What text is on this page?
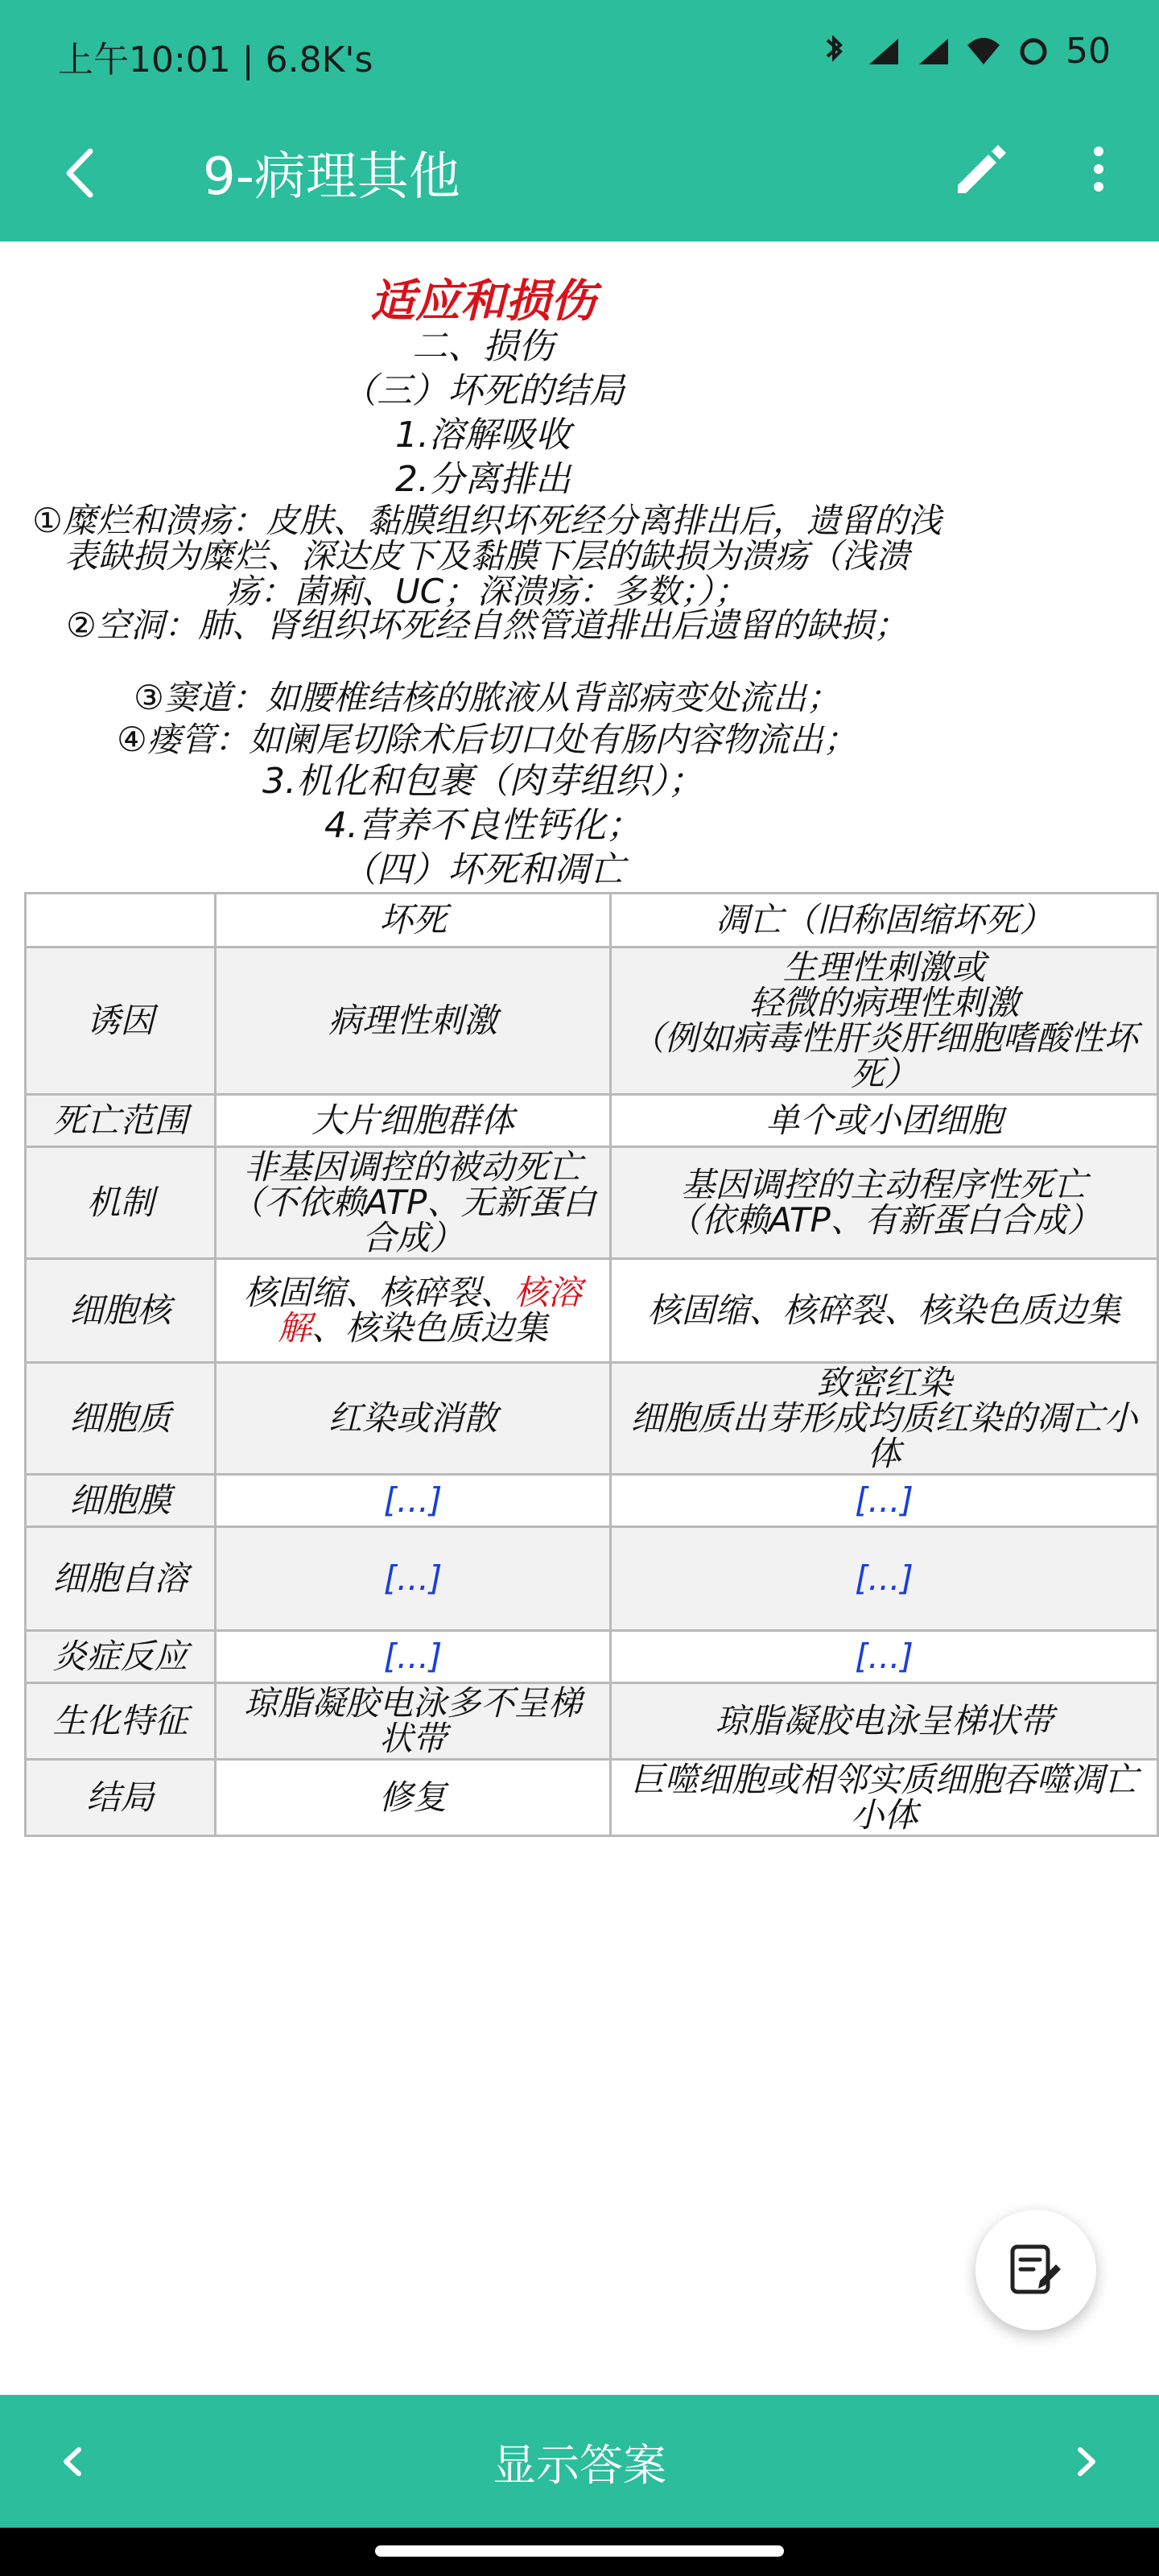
上午10:01 | 6.8K's	50
9-病理其他
适应和损伤
二、损伤
（三）坏死的结局
1.溶解吸收
2.分离排出
①糜烂和溃疡：皮肤、黏膜组织坏死经分离排出后，遗留的浅表缺损为糜烂、深达皮下及黏膜下层的缺损为溃疡（浅溃疡：菌痢、UC；深溃疡：多数；）；
②空洞：肺、肾组织坏死经自然管道排出后遗留的缺损；
③窦道：如腰椎结核的脓液从背部病变处流出；
④瘘管：如阑尾切除术后切口处有肠内容物流出；
3.机化和包裹（肉芽组织）；
4.营养不良性钙化；
（四）坏死和凋亡
	坏死	凋亡（旧称固缩坏死）
诱因	病理性刺激	生理性刺激或
轻微的病理性刺激
（例如病毒性肝炎肝细胞嗜酸性坏死）
死亡范围	大片细胞群体	单个或小团细胞
机制	非基因调控的被动死亡（不依赖ATP、无新蛋白合成）	基因调控的主动程序性死亡
（依赖ATP、有新蛋白合成）
细胞核	核固缩、核碎裂、核溶解、核染色质边集	核固缩、核碎裂、核染色质边集
细胞质	红染或消散	致密红染
细胞质出芽形成均质红染的凋亡小体
细胞膜	[...]	[...]
细胞自溶	[...]	[...]
炎症反应	[...]	[...]
生化特征	琼脂凝胶电泳多不呈梯状带	琼脂凝胶电泳呈梯状带
结局	修复	巨噬细胞或相邻实质细胞吞噬凋亡小体
显示答案
